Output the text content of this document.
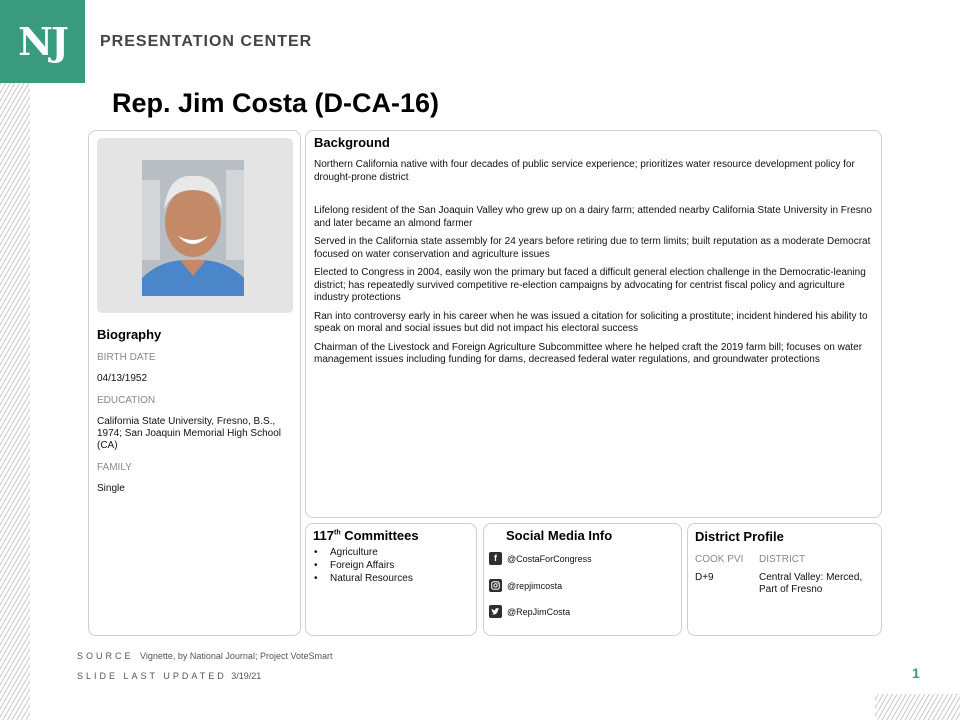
NJ	PRESENTATION CENTER
Rep. Jim Costa (D-CA-16)
Biography
BIRTH DATE
04/13/1952
EDUCATION
California State University, Fresno, B.S., 1974; San Joaquin Memorial High School (CA)
FAMILY
Single
Background

Northern California native with four decades of public service experience; prioritizes water resource development policy for drought-prone district

Lifelong resident of the San Joaquin Valley who grew up on a dairy farm; attended nearby California State University in Fresno and later became an almond farmer

Served in the California state assembly for 24 years before retiring due to term limits; built reputation as a moderate Democrat focused on water conservation and agriculture issues

Elected to Congress in 2004, easily won the primary but faced a difficult general election challenge in the Democratic-leaning district; has repeatedly survived competitive re-election campaigns by advocating for centrist fiscal policy and agriculture industry protections

Ran into controversy early in his career when he was issued a citation for soliciting a prostitute; incident hindered his ability to speak on moral and social issues but did not impact his electoral success

Chairman of the Livestock and Foreign Agriculture Subcommittee where he helped craft the 2019 farm bill; focuses on water management issues including funding for dams, decreased federal water regulations, and groundwater protections

117th Committees
• Agriculture
• Foreign Affairs
• Natural Resources
Social Media Info
f	@CostaForCongress
@repjimcosta
@RepJimCosta
District Profile
COOK PVI DISTRICT
D+9	Central Valley: Merced, Part of Fresno
SOURCE Vignette, by National Journal; Project VoteSmart
SLIDE LAST UPDATED 3/19/21	1
